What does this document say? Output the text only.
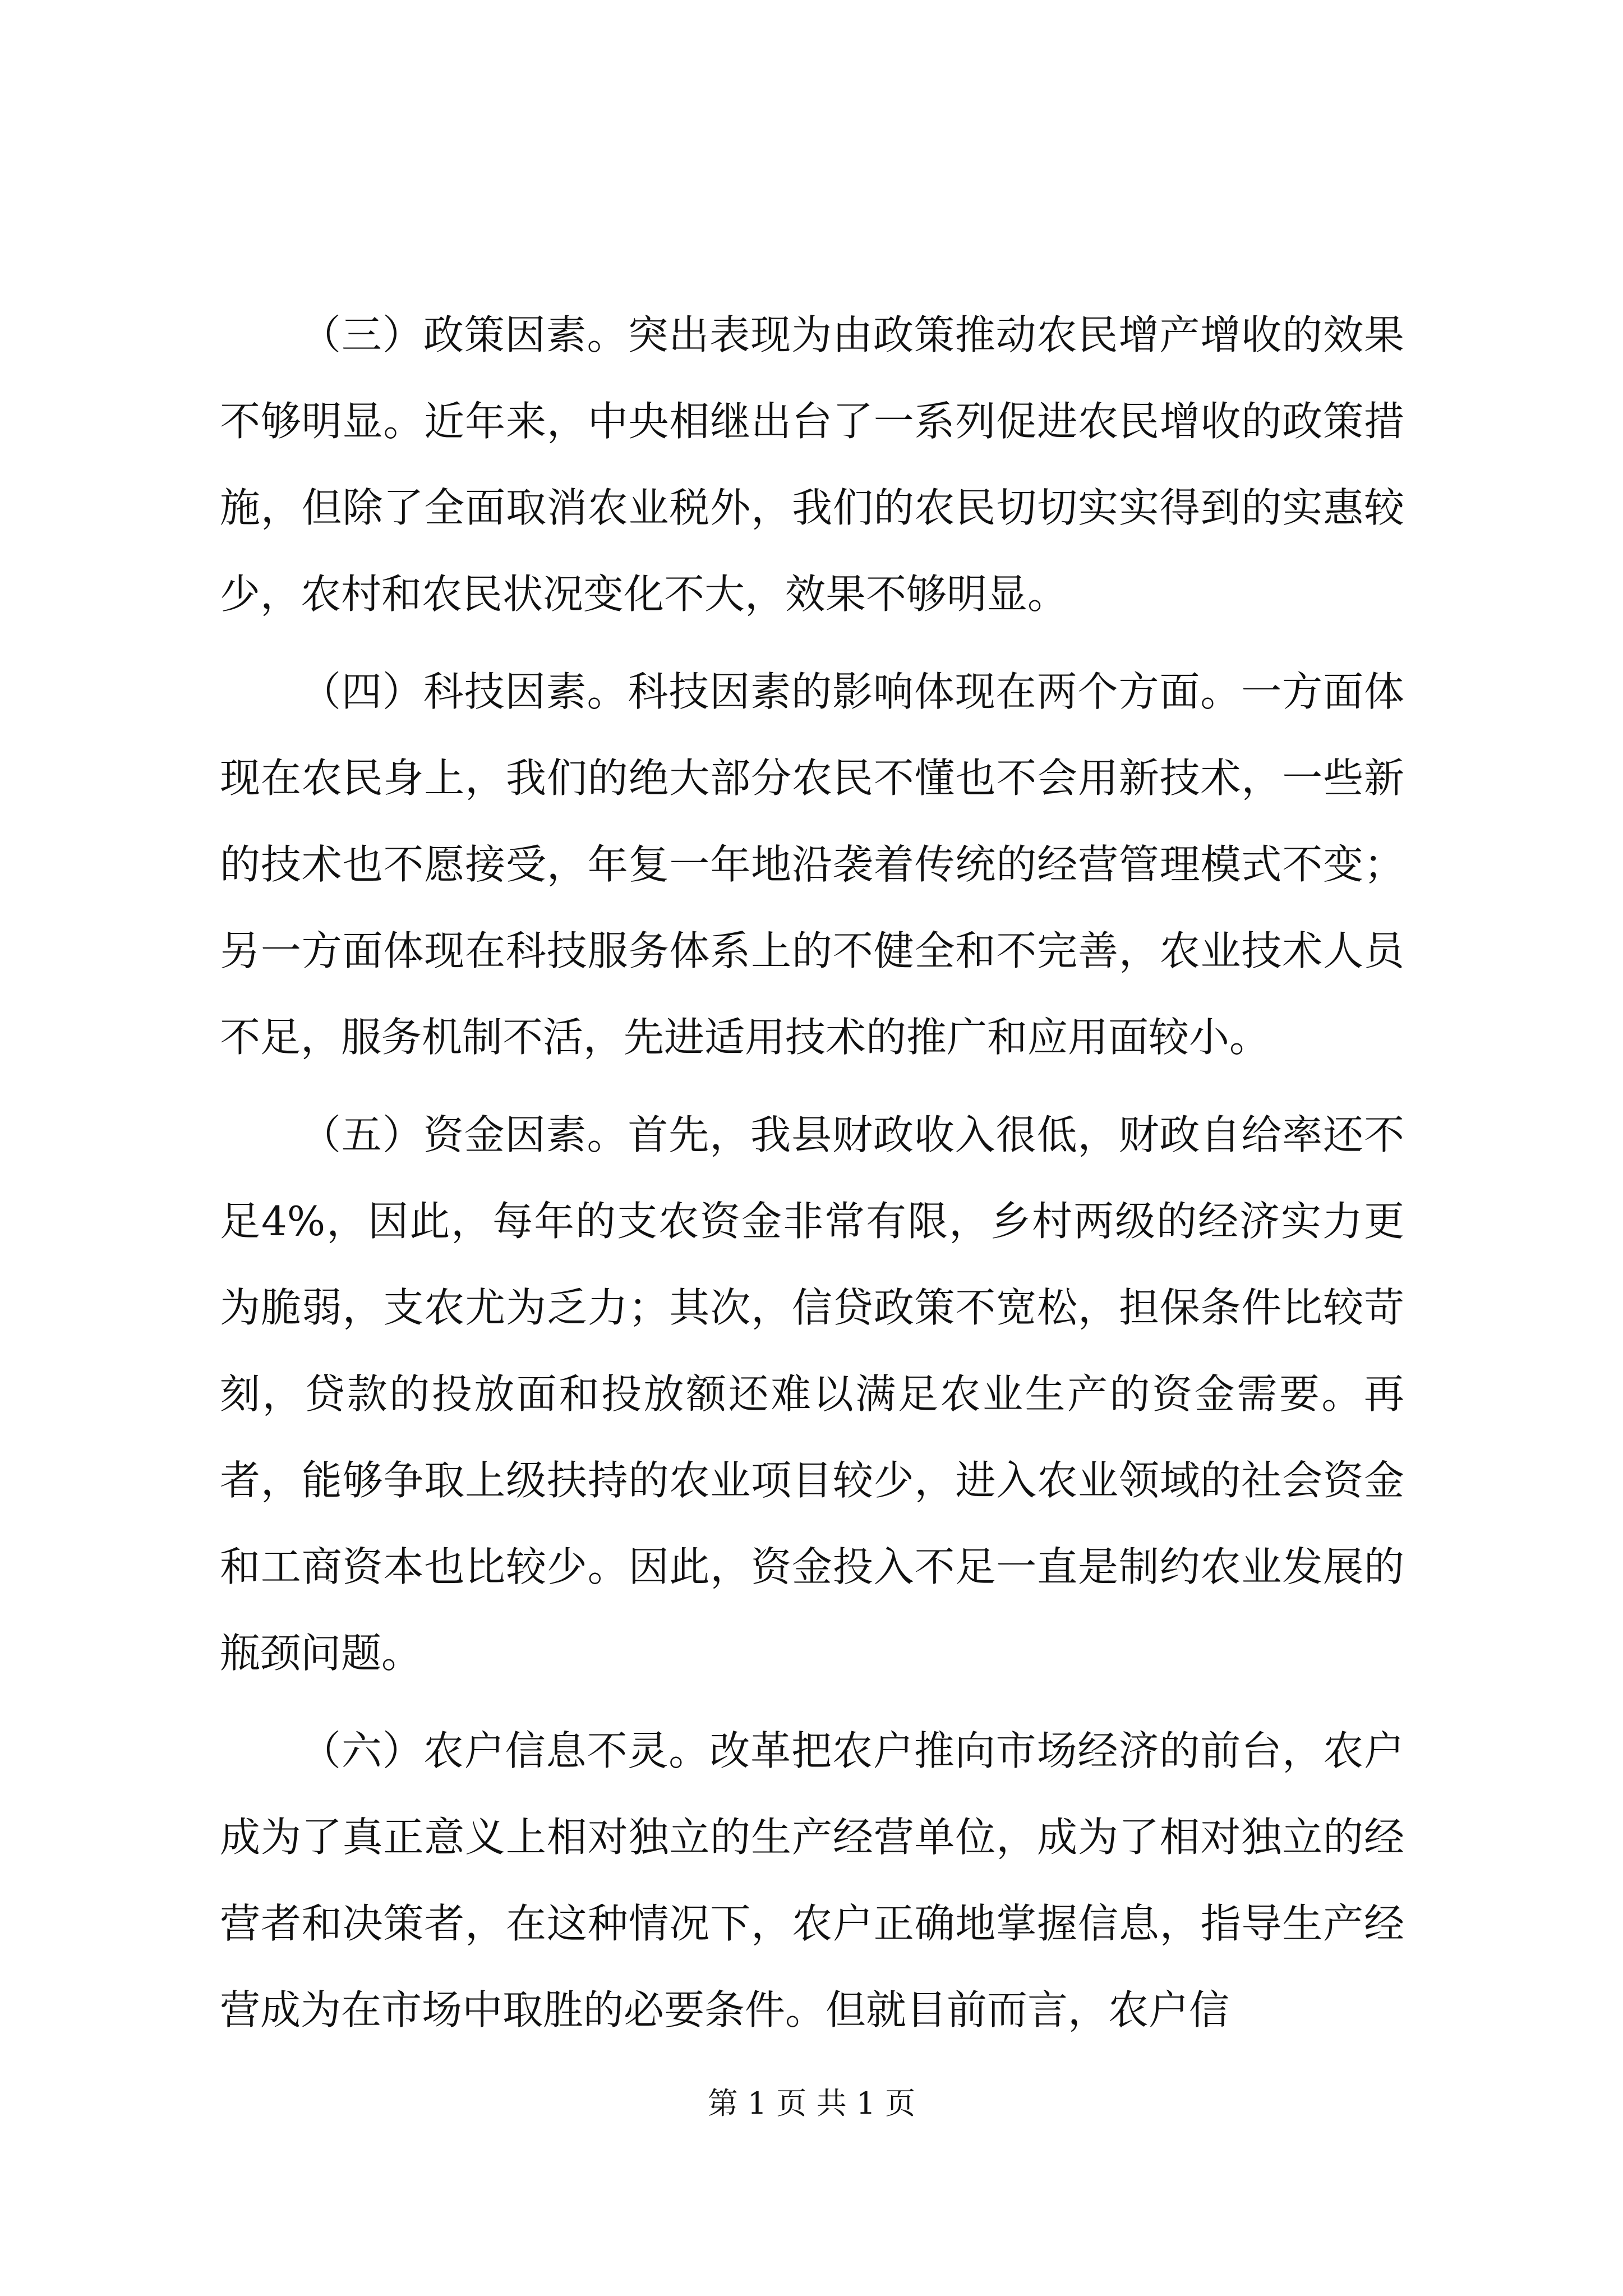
（三）政策因素。突出表现为由政策推动农民增产增收的效果不够明显。近年来，中央相继出台了一系列促进农民增收的政策措施，但除了全面取消农业税外，我们的农民切切实实得到的实惠较少，农村和农民状况变化不大，效果不够明显。

（四）科技因素。科技因素的影响体现在两个方面。一方面体现在农民身上，我们的绝大部分农民不懂也不会用新技术，一些新的技术也不愿接受，年复一年地沿袭着传统的经营管理模式不变；另一方面体现在科技服务体系上的不健全和不完善，农业技术人员不足，服务机制不活，先进适用技术的推广和应用面较小。

（五）资金因素。首先，我县财政收入很低，财政自给率还不足4%，因此，每年的支农资金非常有限，乡村两级的经济实力更为脆弱，支农尤为乏力；其次，信贷政策不宽松，担保条件比较苛刻，贷款的投放面和投放额还难以满足农业生产的资金需要。再者，能够争取上级扶持的农业项目较少，进入农业领域的社会资金和工商资本也比较少。因此，资金投入不足一直是制约农业发展的瓶颈问题。

（六）农户信息不灵。改革把农户推向市场经济的前台，农户成为了真正意义上相对独立的生产经营单位，成为了相对独立的经营者和决策者，在这种情况下，农户正确地掌握信息，指导生产经营成为在市场中取胜的必要条件。但就目前而言，农户信

第 1 页 共 1 页
